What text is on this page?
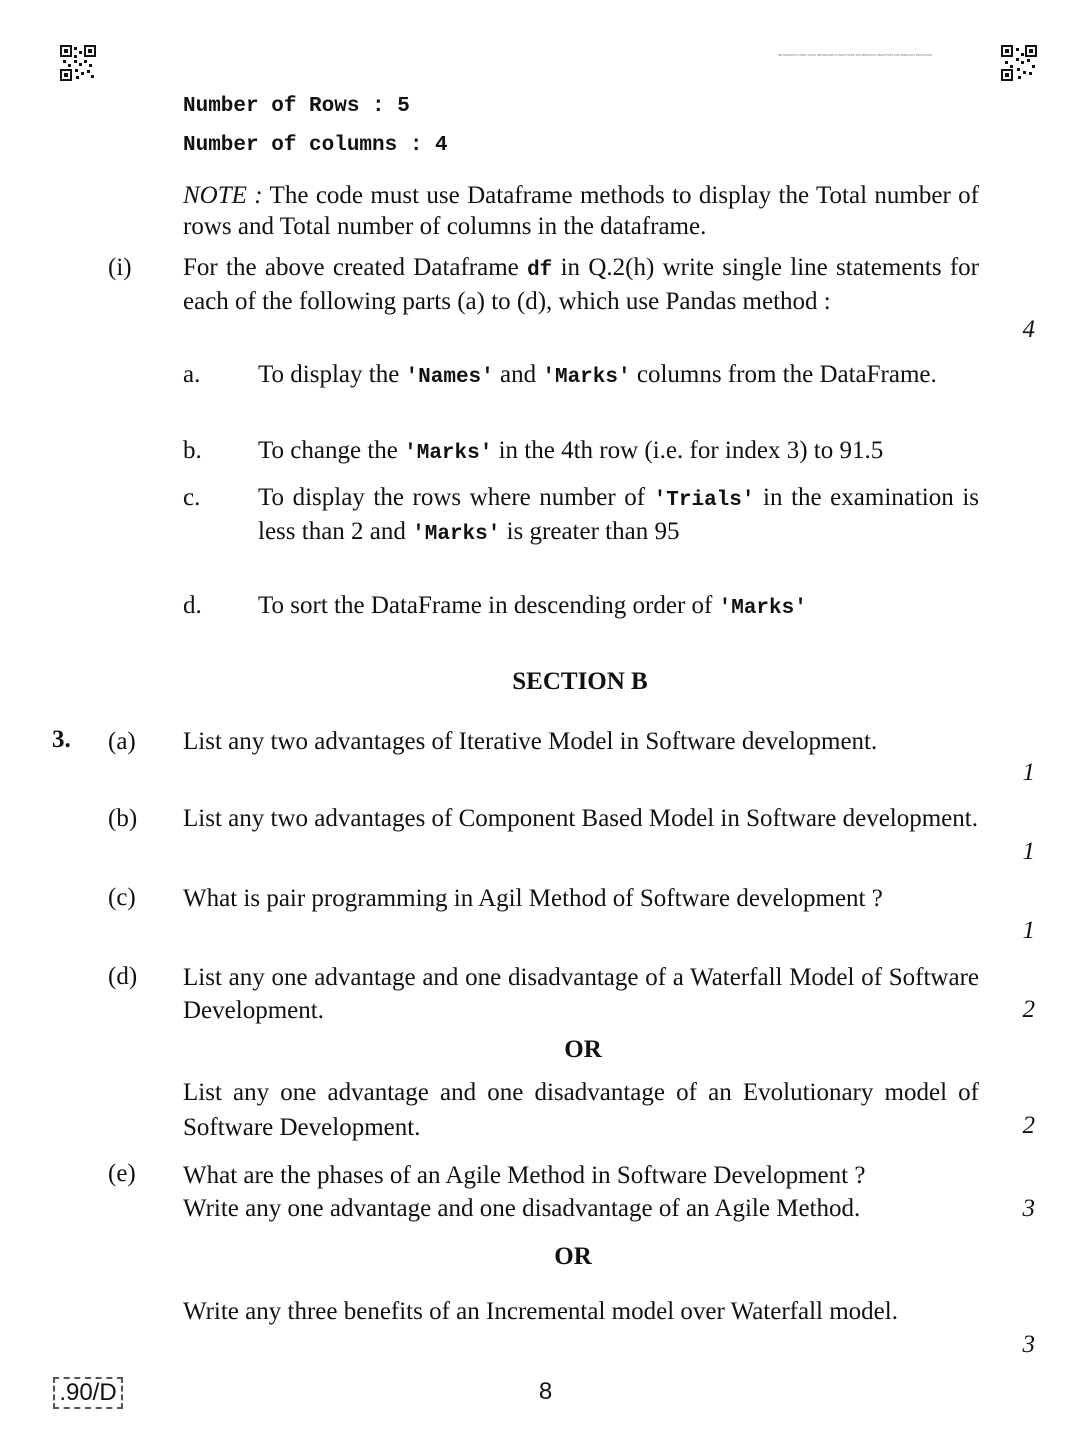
INFORMATICS PRACTICES INFORMATICS PRACTICES INFORMATICS PRACTICES INFORMATICS PRACTICES
Number of Rows : 5
Number of columns : 4
NOTE : The code must use Dataframe methods to display the Total number of rows and Total number of columns in the dataframe.
(i) For the above created Dataframe df in Q.2(h) write single line statements for each of the following parts (a) to (d), which use Pandas method :
4
a. To display the 'Names' and 'Marks' columns from the DataFrame.
b. To change the 'Marks' in the 4th row (i.e. for index 3) to 91.5
c. To display the rows where number of 'Trials' in the examination is less than 2 and 'Marks' is greater than 95
d. To sort the DataFrame in descending order of 'Marks'
SECTION B
3. (a) List any two advantages of Iterative Model in Software development.
1
(b) List any two advantages of Component Based Model in Software development.
1
(c) What is pair programming in Agil Method of Software development ?
1
(d) List any one advantage and one disadvantage of a Waterfall Model of Software Development.	2
OR
List any one advantage and one disadvantage of an Evolutionary model of Software Development.	2
(e) What are the phases of an Agile Method in Software Development ?
Write any one advantage and one disadvantage of an Agile Method.	3
OR
Write any three benefits of an Incremental model over Waterfall model.
3
.90/D	8
